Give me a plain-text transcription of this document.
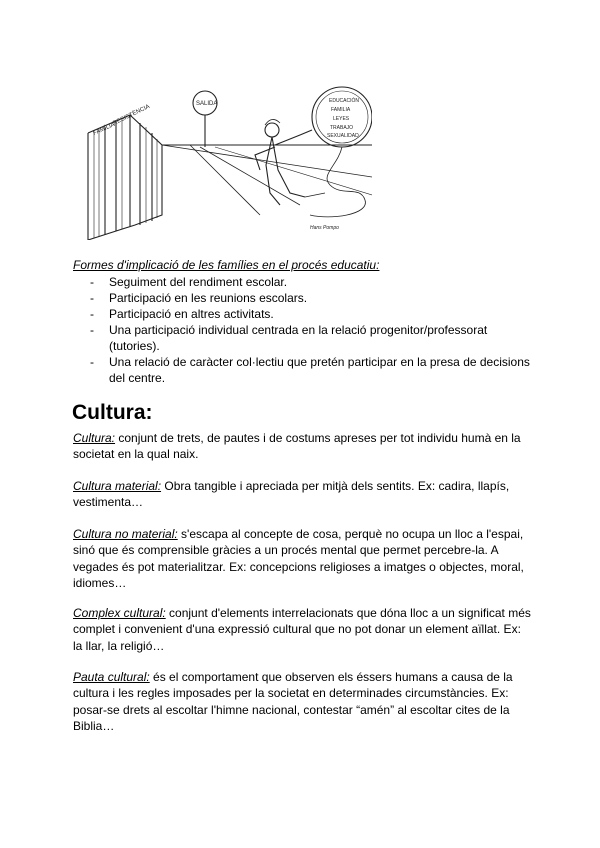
SALIDA
FAMÍLIA
RESISTÈNCIA
EDUCACIÓN
FAMILIA
LEYES
TRABAJO
SEXUALIDAD
Hans Pompo

Formes d'implicació de les famílies en el procés educatiu:

- Seguiment del rendiment escolar.
- Participació en les reunions escolars.
- Participació en altres activitats.
- Una participació individual centrada en la relació progenitor/professorat (tutories).
- Una relació de caràcter col·lectiu que pretén participar en la presa de decisions del centre.
Cultura:

Cultura: conjunt de trets, de pautes i de costums apreses per tot individu humà en la societat en la qual naix.

Cultura material: Obra tangible i apreciada per mitjà dels sentits. Ex: cadira, llapís, vestimenta…

Cultura no material: s'escapa al concepte de cosa, perquè no ocupa un lloc a l'espai, sinó que és comprensible gràcies a un procés mental que permet percebre-la. A vegades és pot materialitzar. Ex: concepcions religioses a imatges o objectes, moral, idiomes…

Complex cultural: conjunt d'elements interrelacionats que dóna lloc a un significat més complet i convenient d'una expressió cultural que no pot donar un element aïllat. Ex: la llar, la religió…

Pauta cultural: és el comportament que observen els éssers humans a causa de la cultura i les regles imposades per la societat en determinades circumstàncies. Ex: posar-se drets al escoltar l'himne nacional, contestar “amén” al escoltar cites de la Biblia…
